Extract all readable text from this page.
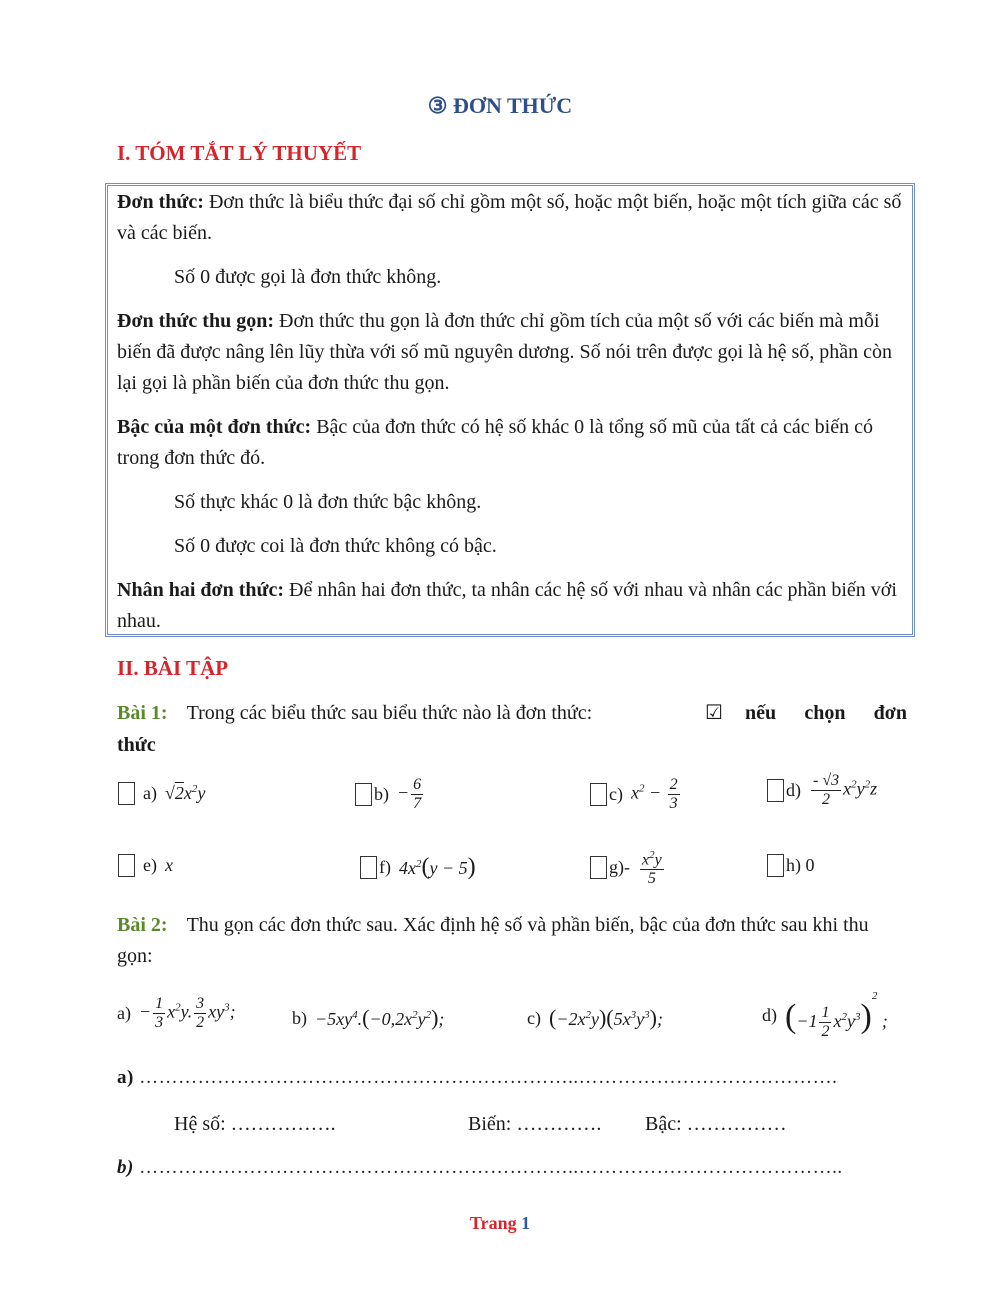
③ ĐƠN THỨC
I. TÓM TẮT LÝ THUYẾT
Đơn thức: Đơn thức là biểu thức đại số chỉ gồm một số, hoặc một biến, hoặc một tích giữa các số và các biến.
Số 0 được gọi là đơn thức không.
Đơn thức thu gọn: Đơn thức thu gọn là đơn thức chỉ gồm tích của một số với các biến mà mỗi biến đã được nâng lên lũy thừa với số mũ nguyên dương. Số nói trên được gọi là hệ số, phần còn lại gọi là phần biến của đơn thức thu gọn.
Bậc của một đơn thức: Bậc của đơn thức có hệ số khác 0 là tổng số mũ của tất cả các biến có trong đơn thức đó.
Số thực khác 0 là đơn thức bậc không.
Số 0 được coi là đơn thức không có bậc.
Nhân hai đơn thức: Để nhân hai đơn thức, ta nhân các hệ số với nhau và nhân các phần biến với nhau.
II. BÀI TẬP
Bài 1: Trong các biểu thức sau biểu thức nào là đơn thức:	☑ nếu chọn đơn
thức
a) $√2x^2y$	$b) - \frac{6}{7}$	c) $x^2 - \frac{2}{3}$	$d) \frac{- √3}{2} x^2y^2z$
e) x	f) $4x^2(y - 5)$	$g)- \frac{x^2y}{5}$	h) 0
Bài 2: Thu gọn các đơn thức sau. Xác định hệ số và phần biến, bậc của đơn thức sau khi thu gọn:
$a) - \frac{1}{3} x^2y$. $\frac{3}{2} xy^3$;	$b) -5xy^4.(-0,2x^2y^2)$;	c) $(-2x^2y)(5x^3y^3)$;	d) $(-1 \frac{1}{2} x^2y^3)^2$ ;
a) …………………………………………………………..………………………………….
Hệ số: …………….	Biến: …………. Bậc: ……………
b) …………………………………………………………..…………………………………..
Trang 1
